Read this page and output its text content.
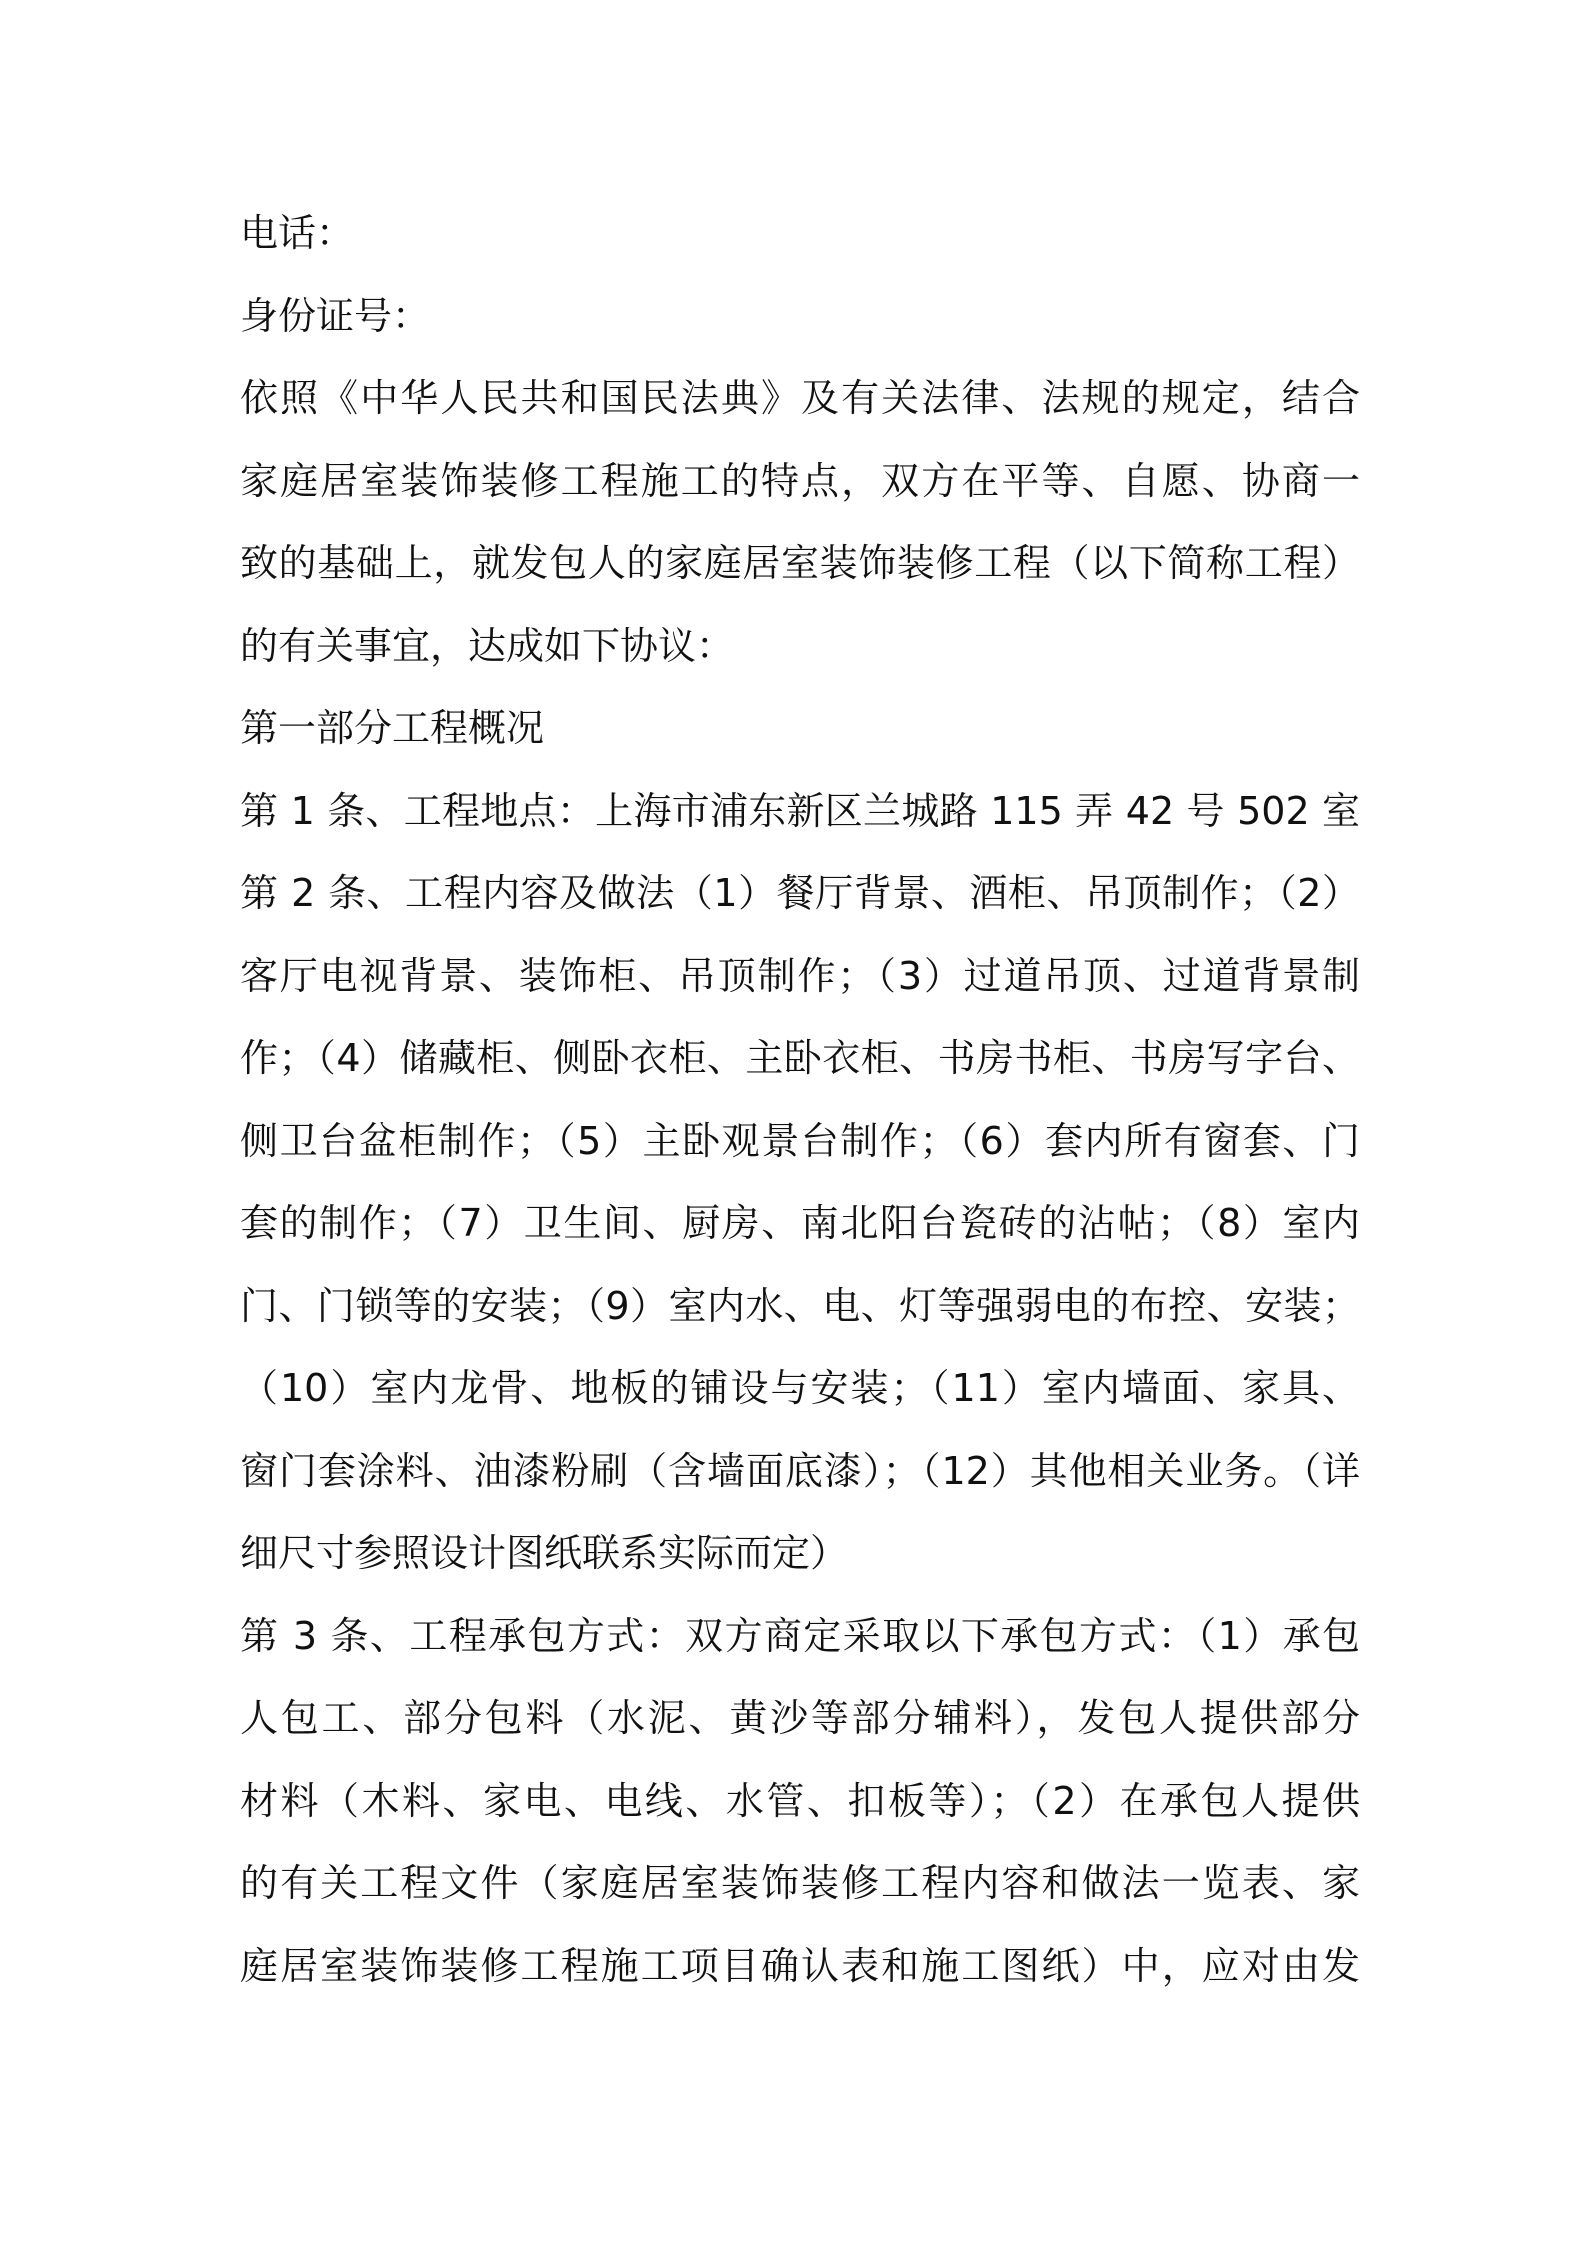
电话：
身份证号：
依照《中华人民共和国民法典》及有关法律、法规的规定，结合
家庭居室装饰装修工程施工的特点，双方在平等、自愿、协商一
致的基础上，就发包人的家庭居室装饰装修工程（以下简称工程）
的有关事宜，达成如下协议：
第一部分工程概况
第 1 条、工程地点：上海市浦东新区兰城路 115 弄 42 号 502 室
第 2 条、工程内容及做法（1）餐厅背景、酒柜、吊顶制作；（2）
客厅电视背景、装饰柜、吊顶制作；（3）过道吊顶、过道背景制
作；（4）储藏柜、侧卧衣柜、主卧衣柜、书房书柜、书房写字台、
侧卫台盆柜制作；（5）主卧观景台制作；（6）套内所有窗套、门
套的制作；（7）卫生间、厨房、南北阳台瓷砖的沾帖；（8）室内
门、门锁等的安装；（9）室内水、电、灯等强弱电的布控、安装；
（10）室内龙骨、地板的铺设与安装；（11）室内墙面、家具、
窗门套涂料、油漆粉刷（含墙面底漆）；（12）其他相关业务。（详
细尺寸参照设计图纸联系实际而定）
第 3 条、工程承包方式：双方商定采取以下承包方式：（1）承包
人包工、部分包料（水泥、黄沙等部分辅料），发包人提供部分
材料（木料、家电、电线、水管、扣板等）；（2）在承包人提供
的有关工程文件（家庭居室装饰装修工程内容和做法一览表、家
庭居室装饰装修工程施工项目确认表和施工图纸）中，应对由发
